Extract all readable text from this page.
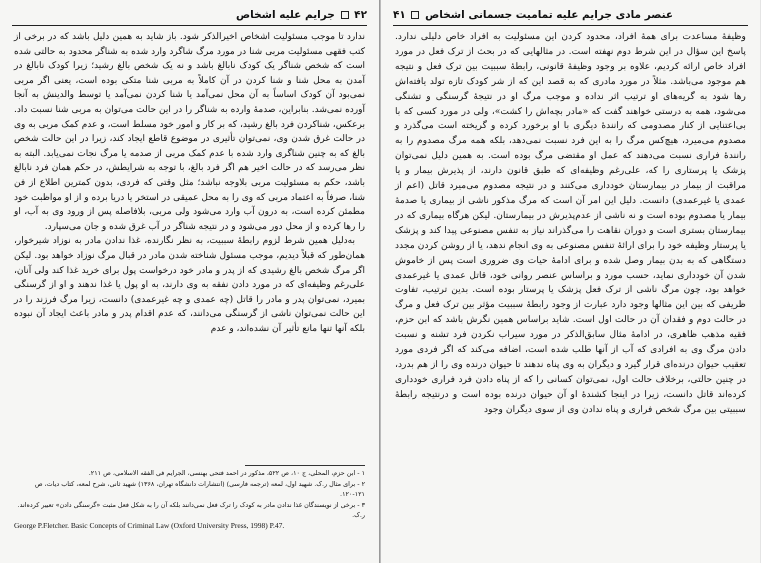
۴۲  جرایم علیه اشخاص

ندارد تا موجب مسئولیت اشخاص اخیرالذکر شود. باز شاید به همین دلیل باشد که در برخی از کتب فقهی مسئولیت مربی شنا در مورد مرگ شاگرد وارد شده به شناگر محدود به حالتی شده است که شخص شناگر یک کودک نابالغ باشد و نه یک شخص بالغ رشید؛ زیرا کودک نابالغ در آمدن به محل شنا و شنا کردن در آن کاملاً به مربی شنا متکی بوده است، یعنی اگر مربی نمی‌بود آن کودک اساساً به آن محل نمی‌آمد یا شنا کردن نمی‌آمد یا توسط والدینش به آنجا آورده نمی‌شد. بنابراین، صدمهٔ وارده به شناگر را در این حالت می‌توان به مربی شنا نسبت داد. برعکس، شناکردن فرد بالغ رشید، که بر کار و امور خود مسلط است، و عدم کمک مربی به وی در حالت غرق شدن وی، نمی‌توان تأثیری در موضوع قاطع ایجاد کند، زیرا در این حالت شخص بالغ که به چنین شناگری وارد شده با عدم کمک مربی از صدمه یا مرگ نجات نمی‌یابد. البته به نظر می‌رسد که در حالت اخیر هم اگر فرد بالغ، با توجه به شرایطش، در حکم همان فرد نابالغ باشد، حکم به مسئولیت مربی بلاوجه نباشد؛ مثل وقتی که فردی، بدون کمترین اطلاع از فن شنا، صرفاً به اعتماد مربی که وی را به محل عمیقی در استخر یا دریا برده و از او مواظبت خود مطمئن کرده است، به درون آب وارد می‌شود ولی مربی، بلافاصله پس از ورود وی به آب، او را رها کرده و از محل دور می‌شود و در نتیجه شناگر در آب غرق شده و جان می‌سپارد.

به‌دلیل همین شرط لزوم رابطهٔ سببیت، به نظر نگارنده، غذا ندادن مادر به نوزاد شیرخوار، همان‌طور که قبلاً دیدیم، موجب مسئول شناخته شدن مادر در قبال مرگ نوزاد خواهد بود. لیکن اگر مرگ شخص بالغ رشیدی که از پدر و مادر خود درخواست پول برای خرید غذا کند ولی آنان، علی‌رغم وظیفه‌ای که در مورد دادن نفقه به وی دارند، به او پول یا غذا ندهند و او از گرسنگی بمیرد، نمی‌توان پدر و مادر را قاتل (چه عمدی و چه غیرعمدی) دانست، زیرا مرگ فرزند را در این حالت نمی‌توان ناشی از گرسنگی می‌دانند، که عدم اقدام پدر و مادر باعث ایجاد آن نبوده بلکه آنها تنها مانع تأثیر آن نشده‌اند، و عدم

۱ - ابن حزم، المحلی، ج ۱۰، ص ۵۲۲، مذکور در احمد فتحی بهنسی، الجرایم فی الفقه الاسلامی، ص ۲۱۱.

۲ - برای مثال ر.ک. شهید اول، لمعه (ترجمه فارسی) (انتشارات دانشگاه تهران، ۱۳۶۸) شهید ثانی، شرح لمعه، کتاب دیات، ص ۱۲۱-۱۲۰.

۳ - برخی از نویسندگان غذا ندادن مادر به کودک را ترک فعل نمی‌دانند بلکه آن را به شکل فعل مثبت «گرسنگی دادن» تعبیر کرده‌اند. ر.ک.

George P.Fletcher. Basic Concepts of Criminal Law (Oxford University Press, 1998) P.47.

عنصر مادی جرایم علیه تمامیت جسمانی اشخاص  ۴۱

وظیفهٔ مساعدت برای همهٔ افراد، محدود کردن این مسئولیت به افراد خاص دلیلی ندارد. پاسخ این سؤال در این شرط دوم نهفته است. در مثالهایی که در بحث از ترک فعل در مورد افراد خاص ارائه کردیم، علاوه بر وجود وظیفهٔ قانونی، رابطهٔ سببیت بین ترک فعل و نتیجه هم موجود می‌باشد. مثلاً در مورد مادری که به قصد این که از شر کودک تازه تولد یافته‌اش رها شود به گریه‌های او ترتیب اثر نداده و موجب مرگ او در نتیجهٔ گرسنگی و تشنگی می‌شود، همه به درستی خواهند گفت که «مادر بچه‌اش را کشت»، ولی در مورد کسی که با بی‌اعتنایی از کنار مصدومی که رانندهٔ دیگری با او برخورد کرده و گریخته است می‌گذرد و مصدوم می‌میرد، هیچ‌کس مرگ را به این فرد نسبت نمی‌دهد، بلکه همه مرگ مصدوم را به رانندهٔ فراری نسبت می‌دهند که عمل او مقتضی مرگ بوده است. به همین دلیل نمی‌توان پزشک یا پرستاری را که، علی‌رغم وظیفه‌ای که طبق قانون دارند، از پذیرش بیمار و یا مراقبت از بیمار در بیمارستان خودداری می‌کنند و در نتیجه مصدوم می‌میرد قاتل (اعم از عمدی یا غیرعمدی) دانست. دلیل این امر آن است که مرگ مذکور ناشی از بیماری یا صدمهٔ بیمار یا مصدوم بوده است و نه ناشی از عدم‌پذیرش در بیمارستان. لیکن هرگاه بیماری که در بیمارستان بستری است و دوران نقاهت را می‌گذراند نیاز به تنفس مصنوعی پیدا کند و پزشک یا پرستار وظیفه خود را برای ارائهٔ تنفس مصنوعی به وی انجام ندهد، یا از روشن کردن مجدد دستگاهی که به بدن بیمار وصل شده و برای ادامهٔ حیات وی ضروری است پس از خاموش شدن آن خودداری نماید، حسب مورد و براساس عنصر روانی خود، قاتل عمدی یا غیرعمدی خواهد بود، چون مرگ ناشی از ترک فعل پزشک یا پرستار بوده است. بدین ترتیب، تفاوت ظریفی که بین این مثالها وجود دارد عبارت از وجود رابطهٔ سببیت مؤثر بین ترک فعل و مرگ در حالت دوم و فقدان آن در حالت اول است. شاید براساس همین نگرش باشد که ابن حزم، فقیه مذهب ظاهری، در ادامهٔ مثال سابق‌الذکر در مورد سیراب نکردن فرد تشنه و نسبت دادن مرگ وی به افرادی که آب از آنها طلب شده است، اضافه می‌کند که اگر فردی مورد تعقیب حیوان درنده‌ای قرار گیرد و دیگران به وی پناه ندهند تا حیوان درنده وی را از هم بدرد، در چنین حالتی، برخلاف حالت اول، نمی‌توان کسانی را که از پناه دادن فرد فراری خودداری کرده‌اند قاتل دانست، زیرا در اینجا کشندهٔ او آن حیوان درنده بوده است و درنتیجه رابطهٔ سببیتی بین مرگ شخص فراری و پناه ندادن وی از سوی دیگران وجود
